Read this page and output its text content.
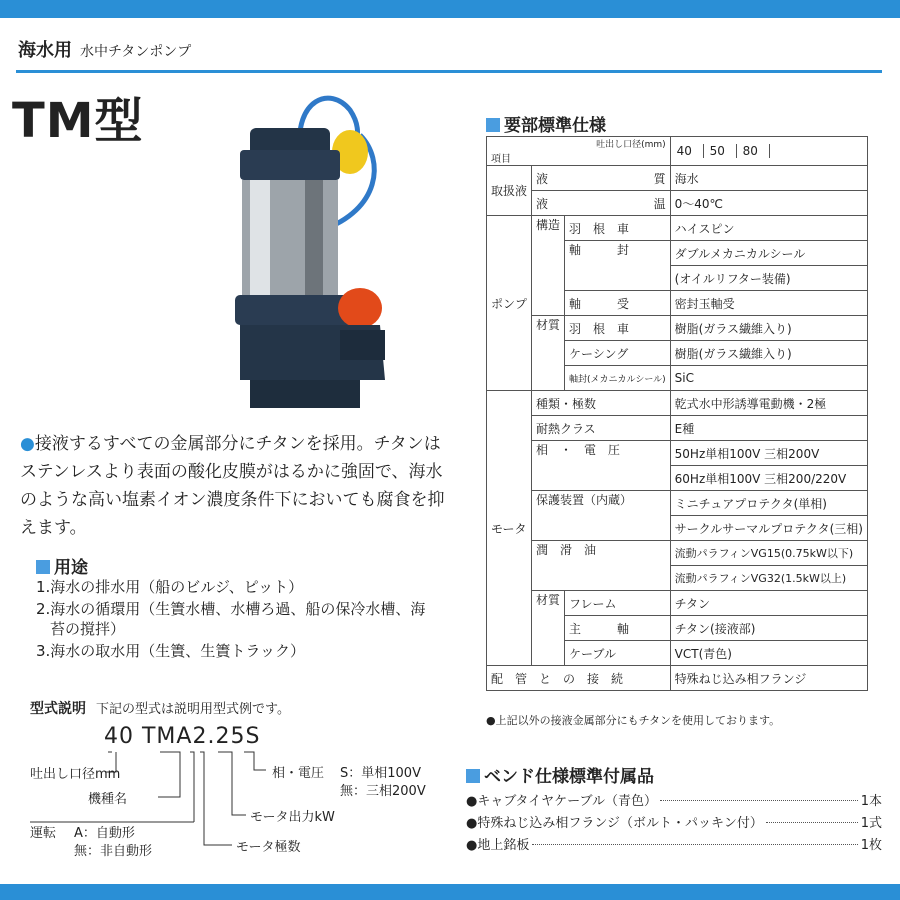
海水用 水中チタンポンプ
TM型
●接液するすべての金属部分にチタンを採用。チタンはステンレスより表面の酸化皮膜がはるかに強固で、海水のような高い塩素イオン濃度条件下においても腐食を抑えます。
用途
1.海水の排水用（船のビルジ、ピット）
2.海水の循環用（生簀水槽、水槽ろ過、船の保冷水槽、海
苔の撹拌）
3.海水の取水用（生簀、生簀トラック）
型式説明 下記の型式は説明用型式例です。
40 TMA2.25S
吐出し口径mm
機種名
運転 A：自動形
無：非自動形
相・電圧 S：単相100V
無：三相200V
モータ出力kW
モータ極数
要部標準仕様
吐出し口径(mm)
項目			40 50 80
取扱液	液 質		海水

	液 温		0～40℃
ポンプ	構造	羽　根　車	ハイスピン
		軸　　　封	ダブルメカニカルシール
			(オイルリフター装備)
		軸　　　受	密封玉軸受
	材質	羽　根　車	樹脂(ガラス繊維入り)
		ケーシング	樹脂(ガラス繊維入り)
		軸封(メカニカルシール)	SiC
モータ	種類・極数		乾式水中形誘導電動機・2極
	耐熱クラス		E種
	相　・　電　圧		50Hz単相100V 三相200V
			60Hz単相100V 三相200/220V
	保護装置（内蔵）		ミニチュアプロテクタ(単相)
			サークルサーマルプロテクタ(三相)
	潤　滑　油		流動パラフィンVG15(0.75kW以下)
			流動パラフィンVG32(1.5kW以上)
	材質	フレーム	チタン
		主　　　軸	チタン(接液部)
		ケーブル	VCT(青色)
配　管　と　の　接　続			特殊ねじ込み相フランジ
●上記以外の接液金属部分にもチタンを使用しております。
ベンド仕様標準付属品
●キャブタイヤケーブル（青色）	1本
●特殊ねじ込み相フランジ（ボルト・パッキン付）	1式
●地上銘板	1枚
